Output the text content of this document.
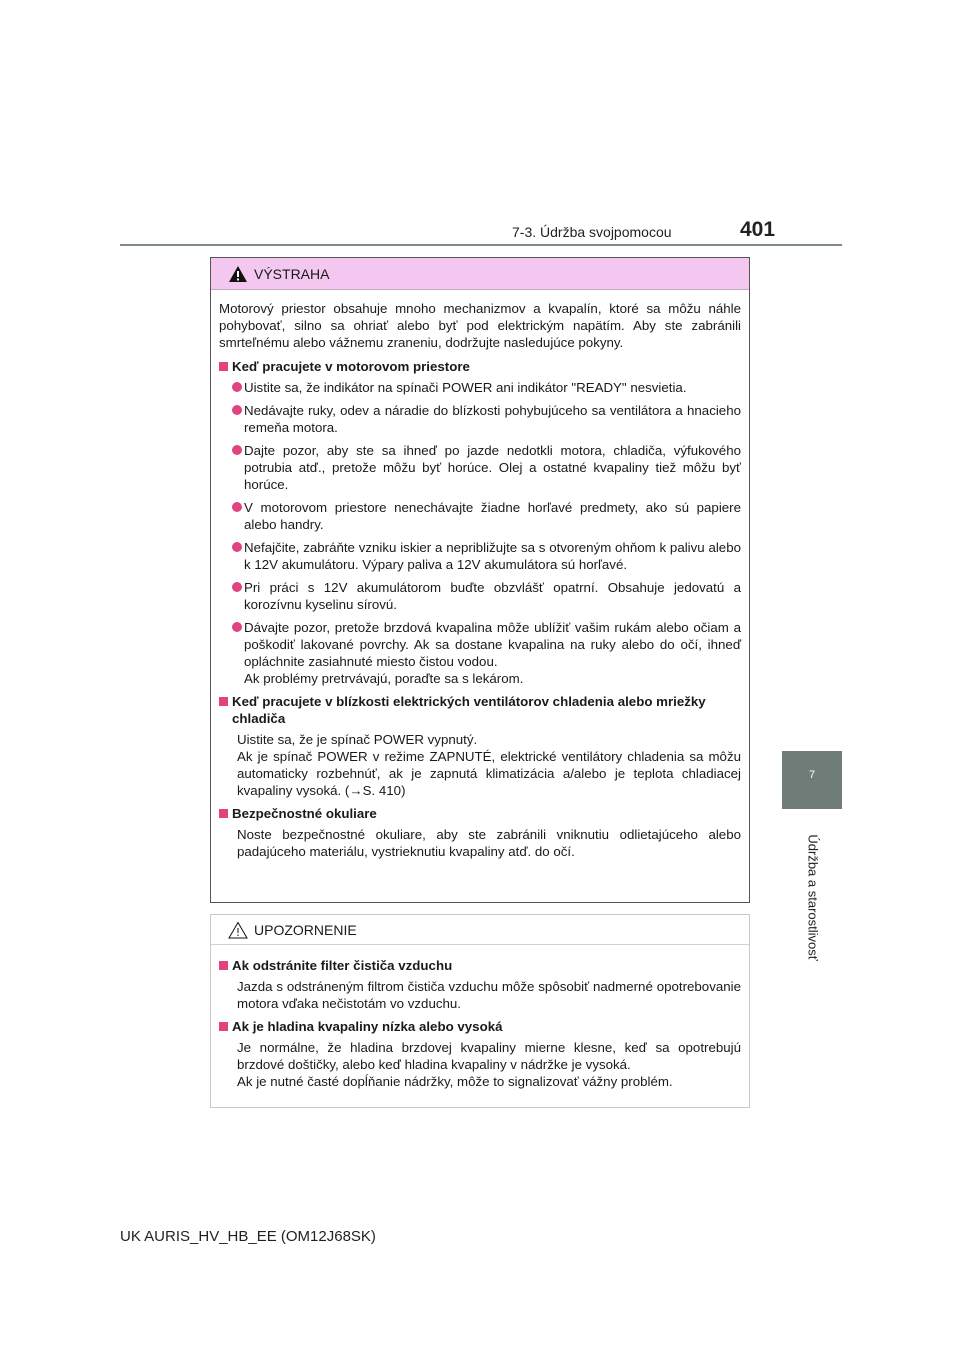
7-3. Údržba svojpomocou	401
7
Údržba a starostlivosť
VÝSTRAHA
Motorový priestor obsahuje mnoho mechanizmov a kvapalín, ktoré sa môžu náhle pohybovať, silno sa ohriať alebo byť pod elektrickým napätím. Aby ste zabránili smrteľnému alebo vážnemu zraneniu, dodržujte nasledujúce pokyny.
Keď pracujete v motorovom priestore
Uistite sa, že indikátor na spínači POWER ani indikátor "READY" nesvietia.
Nedávajte ruky, odev a náradie do blízkosti pohybujúceho sa ventilátora a hnacieho remeňa motora.
Dajte pozor, aby ste sa ihneď po jazde nedotkli motora, chladiča, výfukového potrubia atď., pretože môžu byť horúce. Olej a ostatné kvapaliny tiež môžu byť horúce.
V motorovom priestore nenechávajte žiadne horľavé predmety, ako sú papiere alebo handry.
Nefajčite, zabráňte vzniku iskier a nepribližujte sa s otvoreným ohňom k palivu alebo k 12V akumulátoru. Výpary paliva a 12V akumulátora sú horľavé.
Pri práci s 12V akumulátorom buďte obzvlášť opatrní. Obsahuje jedovatú a korozívnu kyselinu sírovú.
Dávajte pozor, pretože brzdová kvapalina môže ublížiť vašim rukám alebo očiam a poškodiť lakované povrchy. Ak sa dostane kvapalina na ruky alebo do očí, ihneď opláchnite zasiahnuté miesto čistou vodou.
Ak problémy pretrvávajú, poraďte sa s lekárom.
Keď pracujete v blízkosti elektrických ventilátorov chladenia alebo mriežky chladiča
Uistite sa, že je spínač POWER vypnutý.
Ak je spínač POWER v režime ZAPNUTÉ, elektrické ventilátory chladenia sa môžu automaticky rozbehnúť, ak je zapnutá klimatizácia a/alebo je teplota chladiacej kvapaliny vysoká. (→S. 410)
Bezpečnostné okuliare
Noste bezpečnostné okuliare, aby ste zabránili vniknutiu odlietajúceho alebo padajúceho materiálu, vystrieknutiu kvapaliny atď. do očí.
UPOZORNENIE
Ak odstránite filter čističa vzduchu
Jazda s odstráneným filtrom čističa vzduchu môže spôsobiť nadmerné opotrebovanie motora vďaka nečistotám vo vzduchu.
Ak je hladina kvapaliny nízka alebo vysoká
Je normálne, že hladina brzdovej kvapaliny mierne klesne, keď sa opotrebujú brzdové doštičky, alebo keď hladina kvapaliny v nádržke je vysoká.
Ak je nutné časté dopĺňanie nádržky, môže to signalizovať vážny problém.
UK AURIS_HV_HB_EE (OM12J68SK)
